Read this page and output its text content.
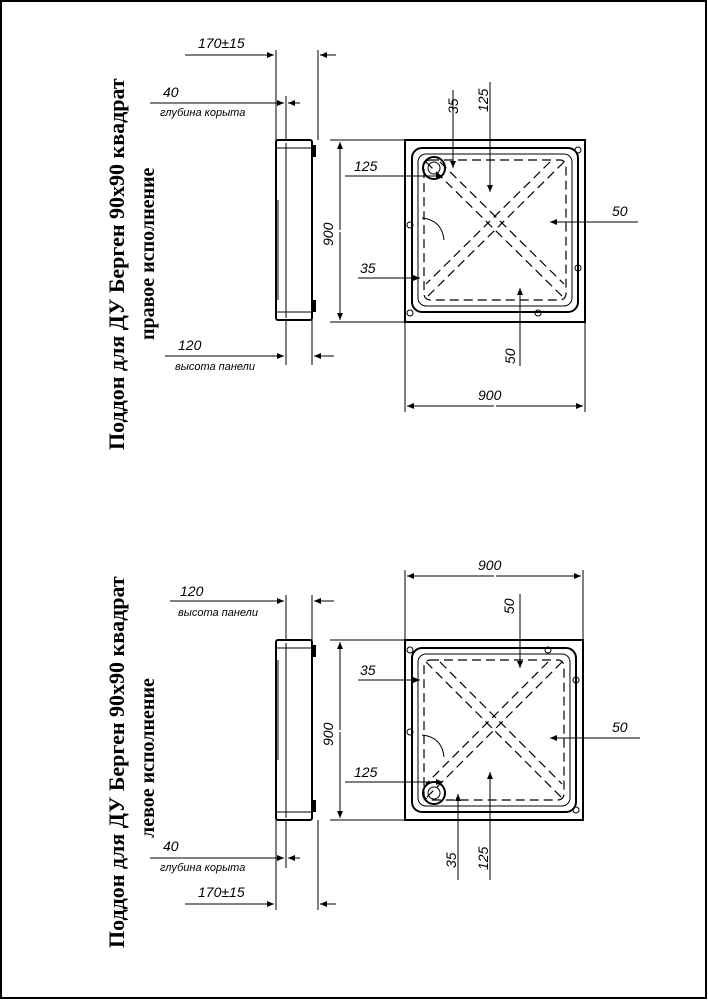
Поддон для ДУ Берген 90х90 квадрат правое исполнение
170±15
40
глубина корыта
120
высота панели
900
35 125
125
35
50
50
900
Поддон для ДУ Берген 90х90 квадрат левое исполнение
120
высота панели
900
40
глубина корыта
170±15
900
50
35
125
50
35 125
